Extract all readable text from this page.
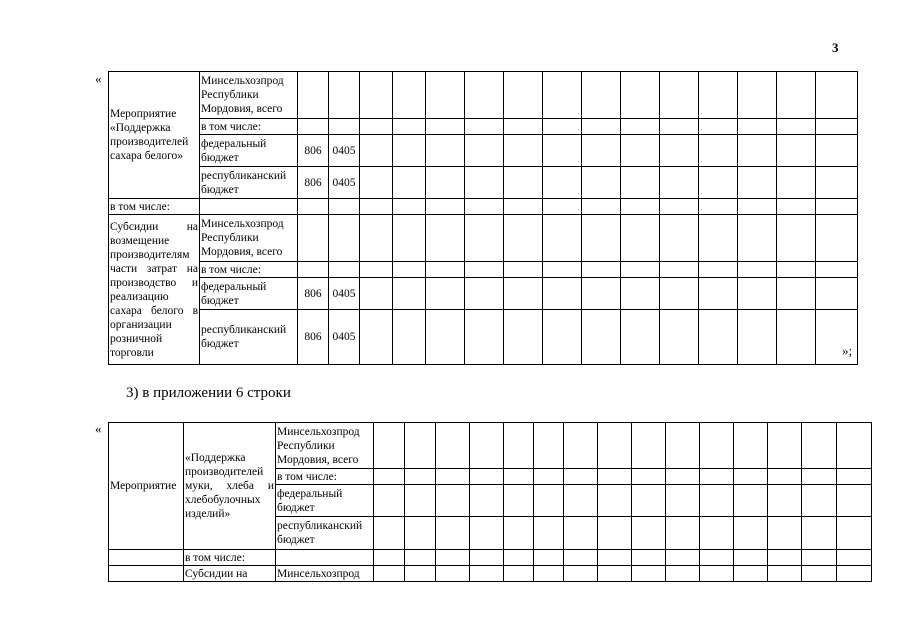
3
«
Мероприятие «Поддержка производителей сахара белого»	Минсельхозпрод Республики Мордовия, всего															
	в том числе:															
	федеральный бюджет	806	0405													
	республиканский бюджет	806	0405													
в том числе:																
Субсидии на возмещение производителям части затрат на производство и реализацию сахара белого в организации розничной торговли	Минсельхозпрод Республики Мордовия, всего															
	в том числе:															
	федеральный бюджет	806	0405													
	республиканский бюджет	806	0405													
»;
3) в приложении 6 строки
«
Мероприятие	«Поддержка производителей муки, хлеба и хлебобулочных изделий»	Минсельхозпрод Республики Мордовия, всего															
		в том числе:															
		федеральный бюджет															
		республиканский бюджет															
	в том числе:																
	Субсидии на	Минсельхозпрод															
